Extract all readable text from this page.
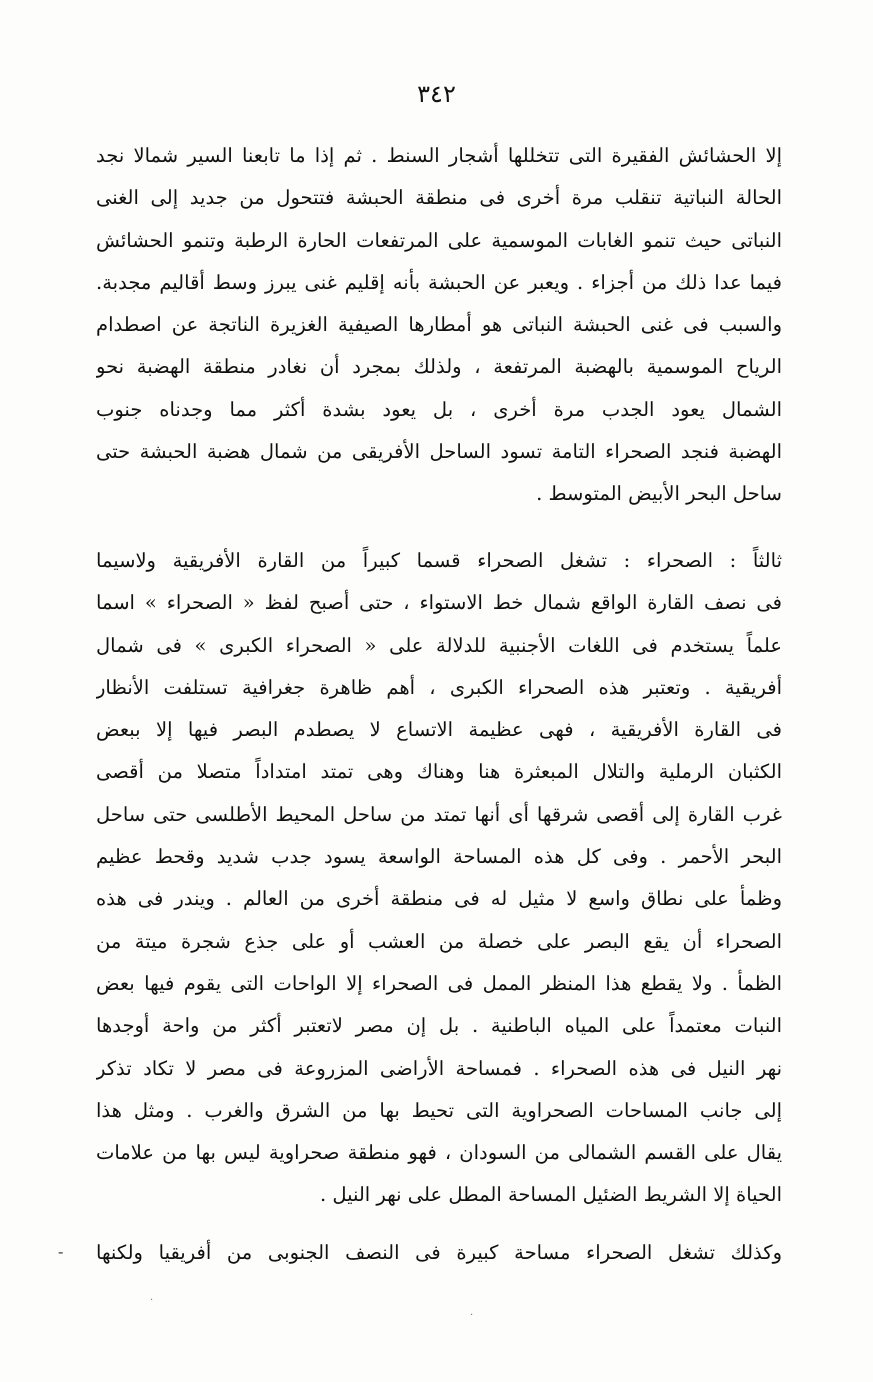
٣٤٢
إلا الحشائش الفقيرة التى تتخللها أشجار السنط . ثم إذا ما تابعنا السير شمالا نجد
الحالة النباتية تنقلب مرة أخرى فى منطقة الحبشة فتتحول من جديد إلى الغنى
النباتى حيث تنمو الغابات الموسمية على المرتفعات الحارة الرطبة وتنمو الحشائش
فيما عدا ذلك من أجزاء . ويعبر عن الحبشة بأنه إقليم غنى يبرز وسط أقاليم مجدبة.
والسبب فى غنى الحبشة النباتى هو أمطارها الصيفية الغزيرة الناتجة عن اصطدام
الرياح الموسمية بالهضبة المرتفعة ، ولذلك بمجرد أن نغادر منطقة الهضبة نحو
الشمال يعود الجدب مرة أخرى ، بل يعود بشدة أكثر مما وجدناه جنوب
الهضبة فنجد الصحراء التامة تسود الساحل الأفريقى من شمال هضبة الحبشة حتى
ساحل البحر الأبيض المتوسط .
ثالثاً : الصحراء : تشغل الصحراء قسما كبيراً من القارة الأفريقية ولاسيما
فى نصف القارة الواقع شمال خط الاستواء ، حتى أصبح لفظ « الصحراء » اسما
علماً يستخدم فى اللغات الأجنبية للدلالة على « الصحراء الكبرى » فى شمال
أفريقية . وتعتبر هذه الصحراء الكبرى ، أهم ظاهرة جغرافية تستلفت الأنظار
فى القارة الأفريقية ، فهى عظيمة الاتساع لا يصطدم البصر فيها إلا ببعض
الكثبان الرملية والتلال المبعثرة هنا وهناك وهى تمتد امتداداً متصلا من أقصى
غرب القارة إلى أقصى شرقها أى أنها تمتد من ساحل المحيط الأطلسى حتى ساحل
البحر الأحمر . وفى كل هذه المساحة الواسعة يسود جدب شديد وقحط عظيم
وظمأ على نطاق واسع لا مثيل له فى منطقة أخرى من العالم . ويندر فى هذه
الصحراء أن يقع البصر على خصلة من العشب أو على جذع شجرة ميتة من
الظمأ . ولا يقطع هذا المنظر الممل فى الصحراء إلا الواحات التى يقوم فيها بعض
النبات معتمداً على المياه الباطنية . بل إن مصر لاتعتبر أكثر من واحة أوجدها
نهر النيل فى هذه الصحراء . فمساحة الأراضى المزروعة فى مصر لا تكاد تذكر
إلى جانب المساحات الصحراوية التى تحيط بها من الشرق والغرب . ومثل هذا
يقال على القسم الشمالى من السودان ، فهو منطقة صحراوية ليس بها من علامات
الحياة إلا الشريط الضئيل المساحة المطل على نهر النيل .
وكذلك تشغل الصحراء مساحة كبيرة فى النصف الجنوبى من أفريقيا ولكنها
-
·
·
